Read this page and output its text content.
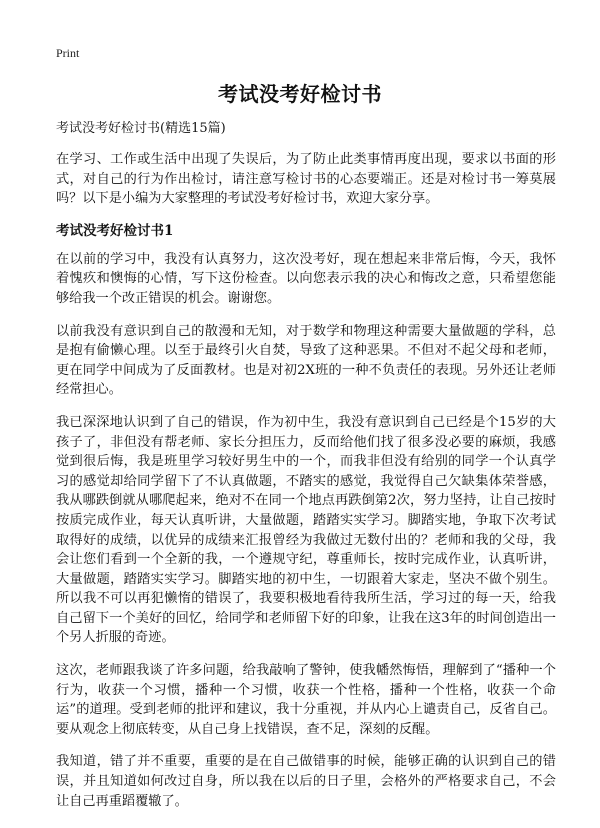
Print
考试没考好检讨书

考试没考好检讨书(精选15篇)

在学习、工作或生活中出现了失误后，为了防止此类事情再度出现，要求以书面的形式，对自己的行为作出检讨，请注意写检讨书的心态要端正。还是对检讨书一筹莫展吗？以下是小编为大家整理的考试没考好检讨书，欢迎大家分享。

考试没考好检讨书1

在以前的学习中，我没有认真努力，这次没考好，现在想起来非常后悔，今天，我怀着愧疚和懊悔的心情，写下这份检查。以向您表示我的决心和悔改之意，只希望您能够给我一个改正错误的机会。谢谢您。

以前我没有意识到自己的散漫和无知，对于数学和物理这种需要大量做题的学科，总是抱有偷懒心理。以至于最终引火自焚，导致了这种恶果。不但对不起父母和老师，更在同学中间成为了反面教材。也是对初2X班的一种不负责任的表现。另外还让老师经常担心。

我已深深地认识到了自己的错误，作为初中生，我没有意识到自己已经是个15岁的大孩子了，非但没有帮老师、家长分担压力，反而给他们找了很多没必要的麻烦，我感觉到很后悔，我是班里学习较好男生中的一个，而我非但没有给别的同学一个认真学习的感觉却给同学留下了不认真做题，不踏实的感觉，我觉得自己欠缺集体荣誉感，我从哪跌倒就从哪爬起来，绝对不在同一个地点再跌倒第2次，努力坚持，让自己按时按质完成作业，每天认真听讲，大量做题，踏踏实实学习。脚踏实地，争取下次考试取得好的成绩，以优异的成绩来汇报曾经为我做过无数付出的？老师和我的父母，我会让您们看到一个全新的我，一个遵规守纪，尊重师长，按时完成作业，认真听讲，大量做题，踏踏实实学习。脚踏实地的初中生，一切跟着大家走，坚决不做个别生。所以我不可以再犯懒惰的错误了，我要积极地看待我所生活，学习过的每一天，给我自己留下一个美好的回忆，给同学和老师留下好的印象，让我在这3年的时间创造出一个另人折服的奇迹。

这次，老师跟我谈了许多问题，给我敲响了警钟，使我幡然悔悟，理解到了“播种一个行为，收获一个习惯，播种一个习惯，收获一个性格，播种一个性格，收获一个命运”的道理。受到老师的批评和建议，我十分重视，并从内心上谴责自己，反省自己。要从观念上彻底转变，从自己身上找错误，查不足，深刻的反醒。

我知道，错了并不重要，重要的是在自己做错事的时候，能够正确的认识到自己的错误，并且知道如何改过自身，所以我在以后的日子里，会格外的严格要求自己，不会让自己再重蹈覆辙了。
